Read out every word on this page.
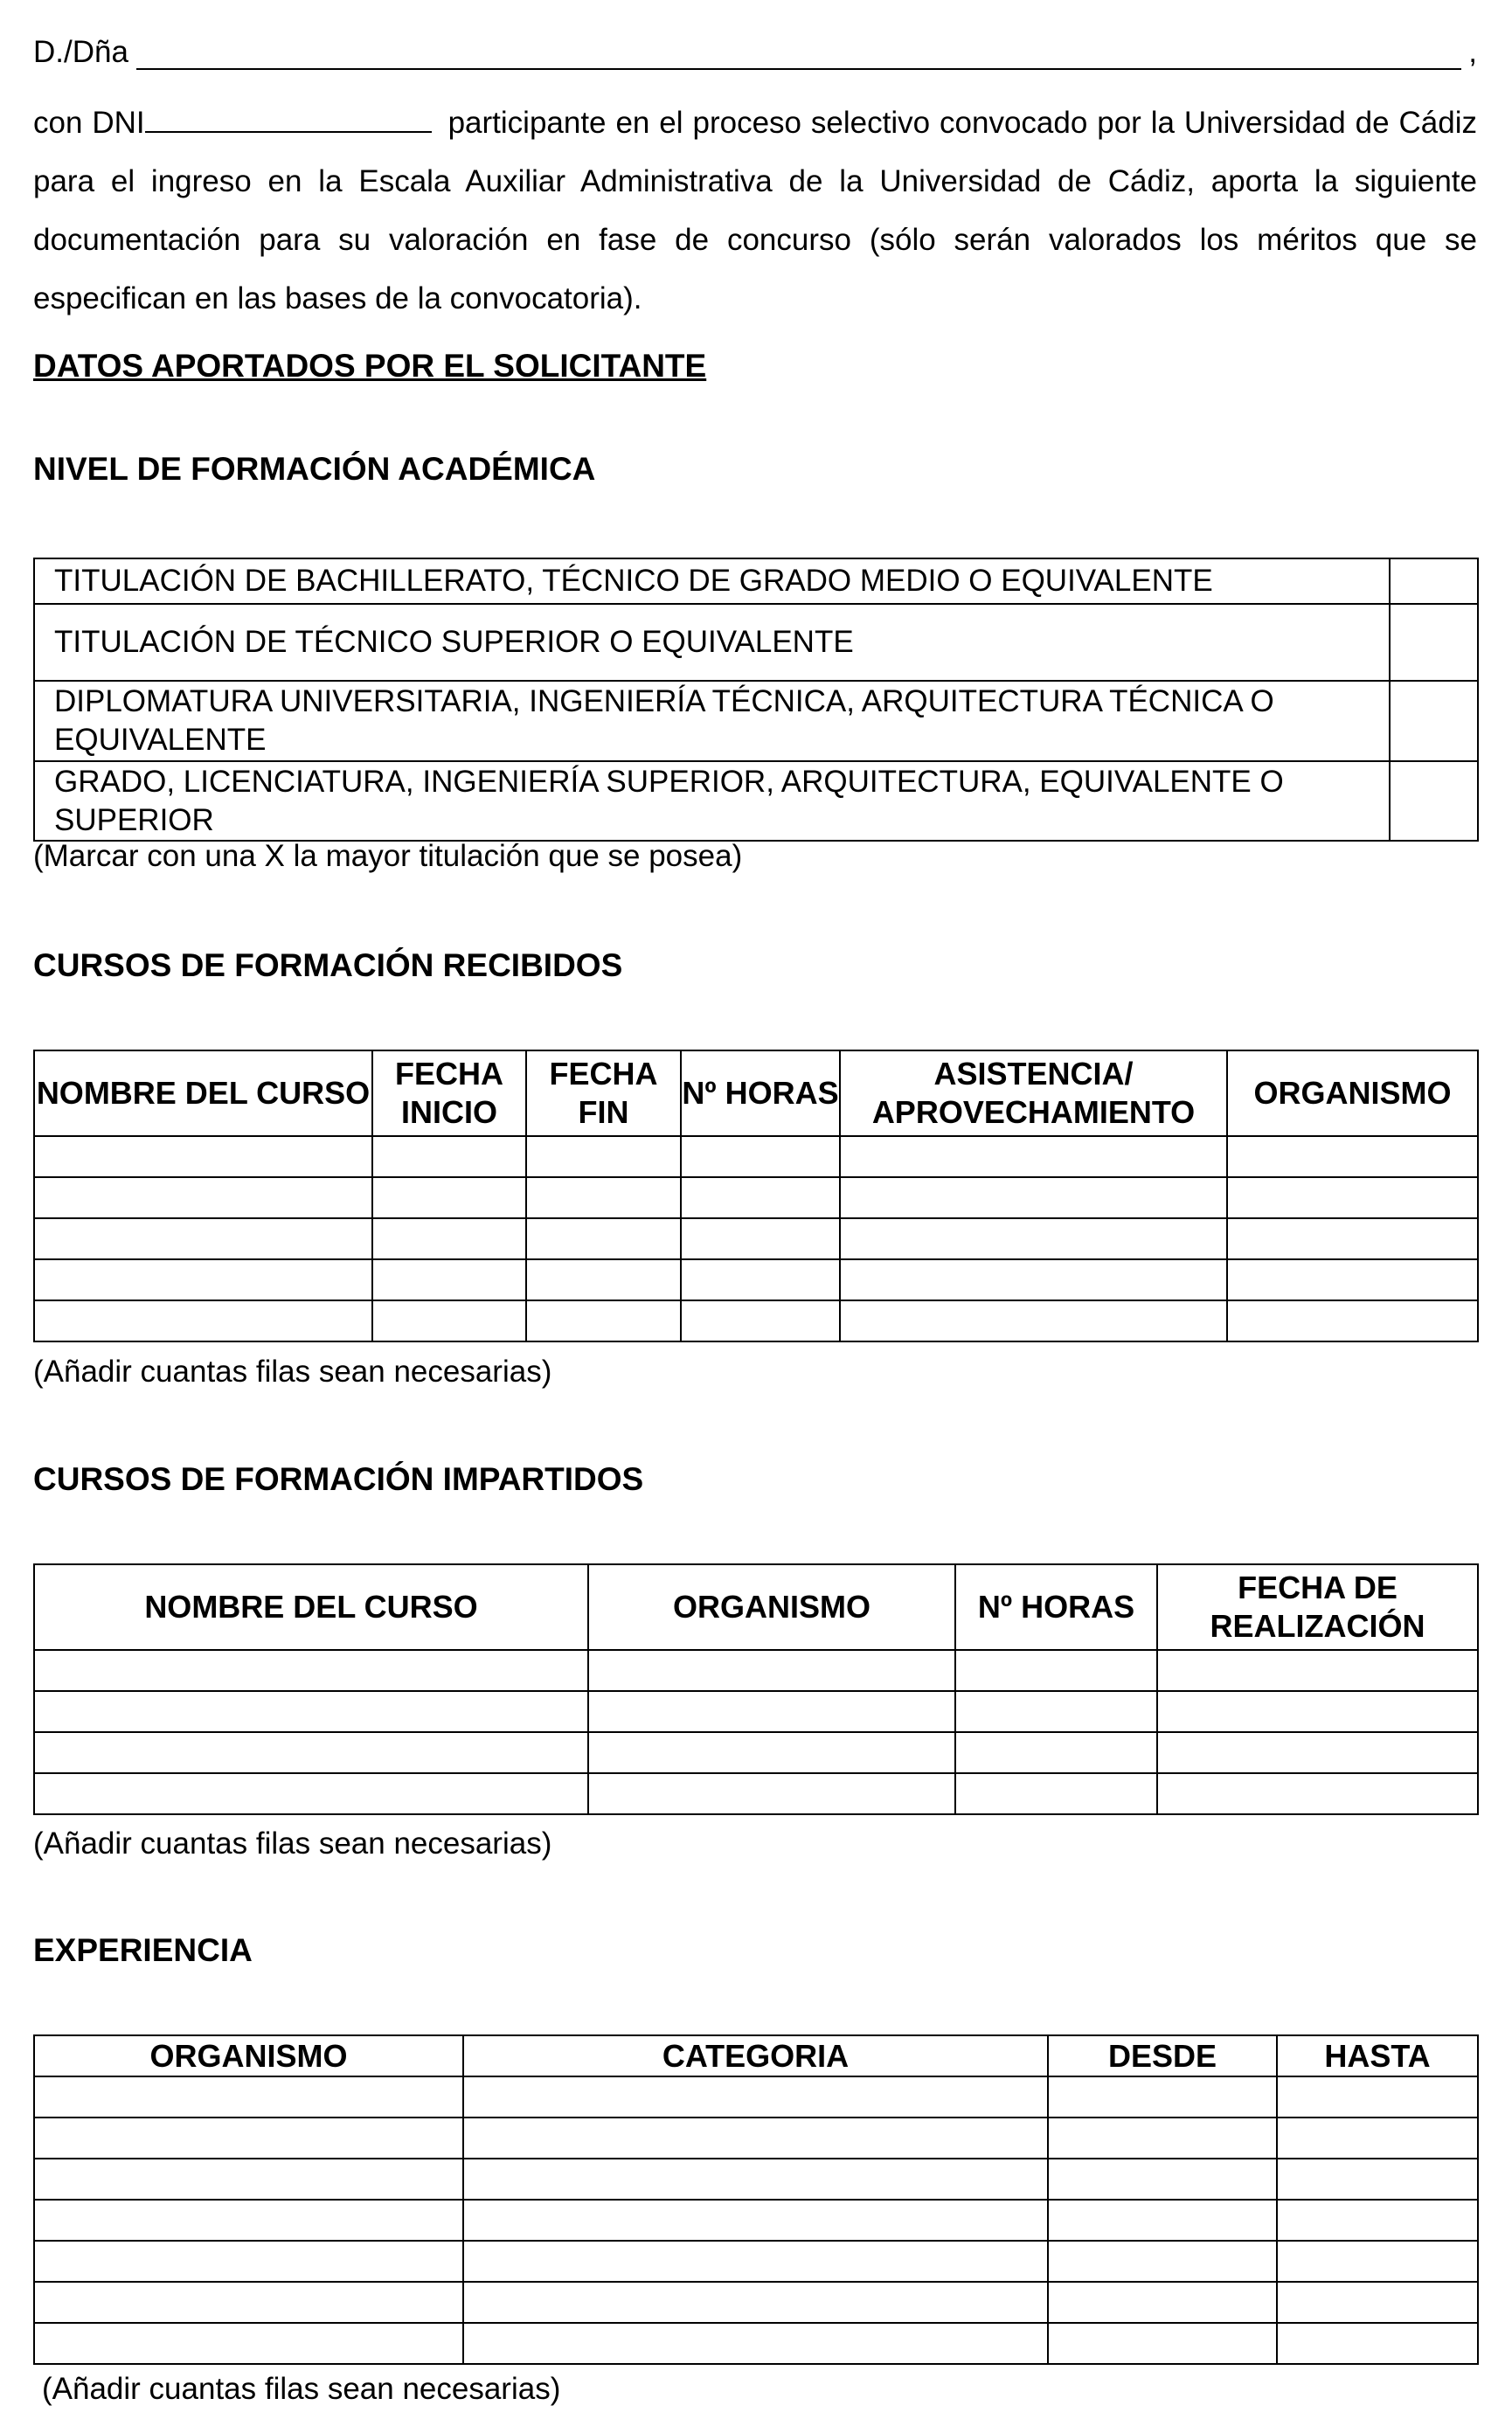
D./Dña	,
con DNI	participante en el proceso selectivo convocado por la Universidad de Cádiz para el ingreso en la Escala Auxiliar Administrativa de la Universidad de Cádiz, aporta la siguiente documentación para su valoración en fase de concurso (sólo serán valorados los méritos que se especifican en las bases de la convocatoria).
DATOS APORTADOS POR EL SOLICITANTE
NIVEL DE FORMACIÓN ACADÉMICA
TITULACIÓN DE BACHILLERATO, TÉCNICO DE GRADO MEDIO O EQUIVALENTE	
TITULACIÓN DE TÉCNICO SUPERIOR O EQUIVALENTE	
DIPLOMATURA UNIVERSITARIA, INGENIERÍA TÉCNICA, ARQUITECTURA TÉCNICA O EQUIVALENTE	
GRADO, LICENCIATURA, INGENIERÍA SUPERIOR, ARQUITECTURA, EQUIVALENTE O SUPERIOR	
(Marcar con una X la mayor titulación que se posea)
CURSOS DE FORMACIÓN RECIBIDOS
NOMBRE DEL CURSO	FECHA INICIO	FECHA FIN	Nº HORAS	ASISTENCIA/ APROVECHAMIENTO	ORGANISMO

(Añadir cuantas filas sean necesarias)
CURSOS DE FORMACIÓN IMPARTIDOS
NOMBRE DEL CURSO	ORGANISMO	Nº HORAS	FECHA DE REALIZACIÓN

(Añadir cuantas filas sean necesarias)
EXPERIENCIA
ORGANISMO	CATEGORIA	DESDE	HASTA

(Añadir cuantas filas sean necesarias)
